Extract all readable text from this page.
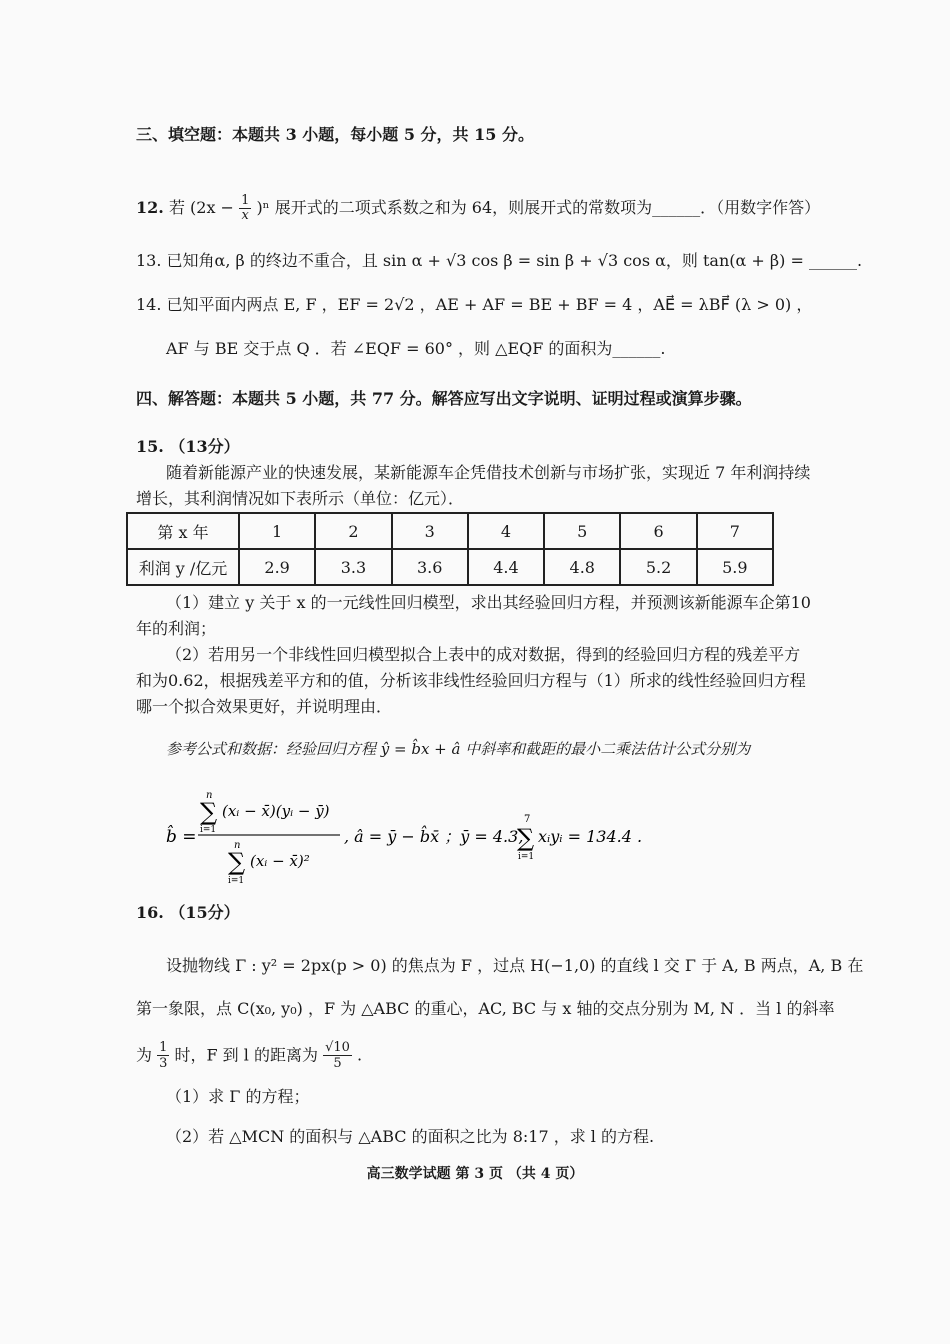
三、填空题：本题共 3 小题，每小题 5 分，共 15 分。
12. 若 $(2x - \frac{1}{x} )^n$ 展开式的二项式系数之和为 64，则展开式的常数项为______．（用数字作答）
13. 已知角α, β 的终边不重合，且 sin α + √3 cos β = sin β + √3 cos α，则 tan(α + β) = ______.
14. 已知平面内两点 E, F ，EF = 2√2 ，AE + AF = BE + BF = 4 ，AE⃗ = λBF⃗ (λ > 0) ，
AF 与 BE 交于点 Q ．若 ∠EQF = 60° ，则 △EQF 的面积为______.
四、解答题：本题共 5 小题，共 77 分。解答应写出文字说明、证明过程或演算步骤。
15. （13分）
随着新能源产业的快速发展，某新能源车企凭借技术创新与市场扩张，实现近 7 年利润持续
增长，其利润情况如下表所示（单位：亿元）．
第 x 年	1	2	3	4	5	6	7
利润 y /亿元	2.9	3.3	3.6	4.4	4.8	5.2	5.9
（1）建立 y 关于 x 的一元线性回归模型，求出其经验回归方程，并预测该新能源车企第10
年的利润；
（2）若用另一个非线性回归模型拟合上表中的成对数据，得到的经验回归方程的残差平方
和为0.62，根据残差平方和的值，分析该非线性经验回归方程与（1）所求的线性经验回归方程
哪一个拟合效果更好，并说明理由．
参考公式和数据：经验回归方程 ŷ = b̂x + â 中斜率和截距的最小二乘法估计公式分别为
b̂ =
n
∑
i=1
(xᵢ − x̄)(yᵢ − ȳ)
n
∑
i=1
(xᵢ − x̄)²
, â = ȳ − b̂x̄ ；ȳ = 4.3,
7
∑
i=1
xᵢyᵢ = 134.4 .
16. （15分）
设抛物线 Γ : y² = 2px(p > 0) 的焦点为 F ，过点 H(−1,0) 的直线 l 交 Γ 于 A, B 两点，A, B 在
第一象限，点 C(x₀, y₀) ，F 为 △ABC 的重心，AC, BC 与 x 轴的交点分别为 M, N ．当 l 的斜率
为 $\frac{1}{3}$ 时，F 到 l 的距离为 $\frac{√10}{5}$ .
（1）求 Γ 的方程；
（2）若 △MCN 的面积与 △ABC 的面积之比为 8:17 ，求 l 的方程.
高三数学试题 第 3 页 （共 4 页）
